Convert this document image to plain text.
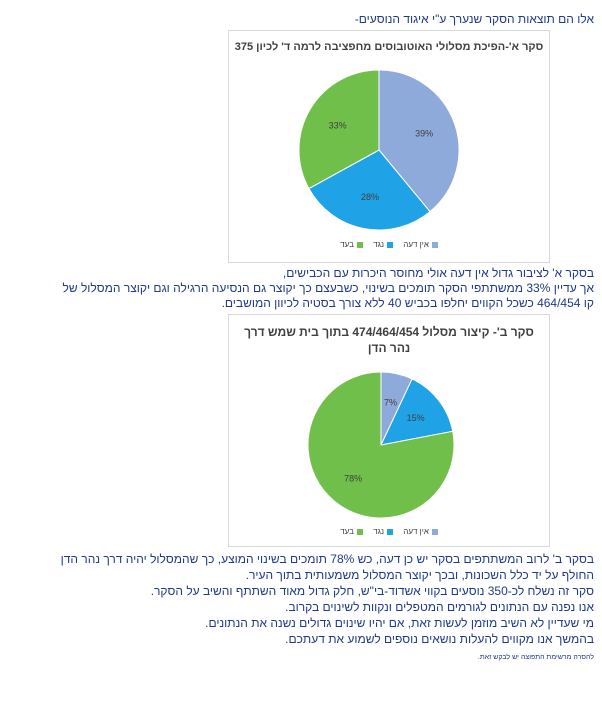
אלו הם תוצאות הסקר שנערך ע"י איגוד הנוסעים-
סקר א'-הפיכת מסלולי האוטובוסים מחפציבה לרמה ד' לכיון 375
39%
28%
33%
אין דעה נגד בעד
בסקר א' לציבור גדול אין דעה אולי מחוסר היכרות עם הכבישים,
אך עדיין 33% ממשתתפי הסקר תומכים בשינוי, כשבעצם כך יקוצר גם הנסיעה הרגילה וגם יקוצר המסלול של
קו 464/454 כשכל הקווים יחלפו בכביש 40 ללא צורך בסטיה לכיוון המושבים.
סקר ב'- קיצור מסלול 474/464/454 בתוך בית שמש דרך
נהר הדן
7%
15%
78%
אין דעה נגד בעד
בסקר ב' לרוב המשתתפים בסקר יש כן דעה, כש 78% תומכים בשינוי המוצע, כך שהמסלול יהיה דרך נהר הדן
החולף על יד כלל השכונות, ובכך יקוצר המסלול משמעותית בתוך העיר.
סקר זה נשלח לכ-350 נוסעים בקווי אשדוד-בי"ש, חלק גדול מאוד השתתף והשיב על הסקר.
אנו נפנה עם הנתונים לגורמים המטפלים ונקוות לשינוים בקרוב.
מי שעדיין לא השיב מוזמן לעשות זאת, אם יהיו שינוים גדולים נשנה את הנתונים.
בהמשך אנו מקווים להעלות נושאים נוספים לשמוע את דעתכם.
להסרה מרשימת התפוצה יש לבקש זאת.
